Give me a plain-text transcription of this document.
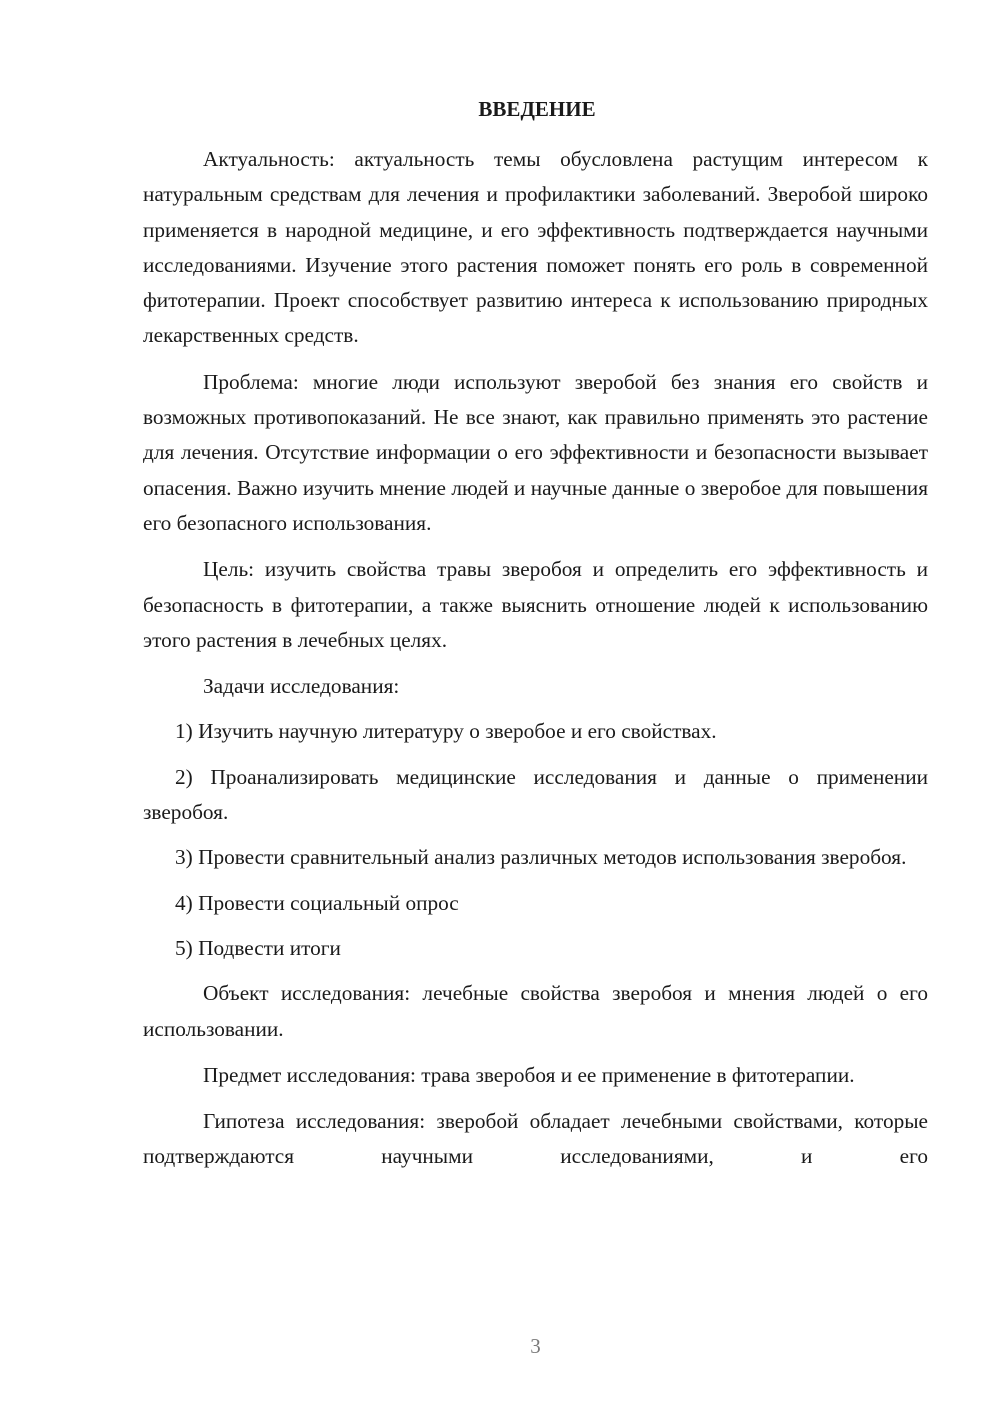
ВВЕДЕНИЕ

Актуальность: актуальность темы обусловлена растущим интересом к натуральным средствам для лечения и профилактики заболеваний. Зверобой широко применяется в народной медицине, и его эффективность подтверждается научными исследованиями. Изучение этого растения поможет понять его роль в современной фитотерапии. Проект способствует развитию интереса к использованию природных лекарственных средств.

Проблема: многие люди используют зверобой без знания его свойств и возможных противопоказаний. Не все знают, как правильно применять это растение для лечения. Отсутствие информации о его эффективности и безопасности вызывает опасения. Важно изучить мнение людей и научные данные о зверобое для повышения его безопасного использования.

Цель: изучить свойства травы зверобоя и определить его эффективность и безопасность в фитотерапии, а также выяснить отношение людей к использованию этого растения в лечебных целях.

Задачи исследования:

1) Изучить научную литературу о зверобое и его свойствах.

2) Проанализировать медицинские исследования и данные о применении зверобоя.

3) Провести сравнительный анализ различных методов использования зверобоя.

4) Провести социальный опрос

5) Подвести итоги

Объект исследования: лечебные свойства зверобоя и мнения людей о его использовании.

Предмет исследования: трава зверобоя и ее применение в фитотерапии.

Гипотеза исследования: зверобой обладает лечебными свойствами, которые подтверждаются научными исследованиями, и его

3
